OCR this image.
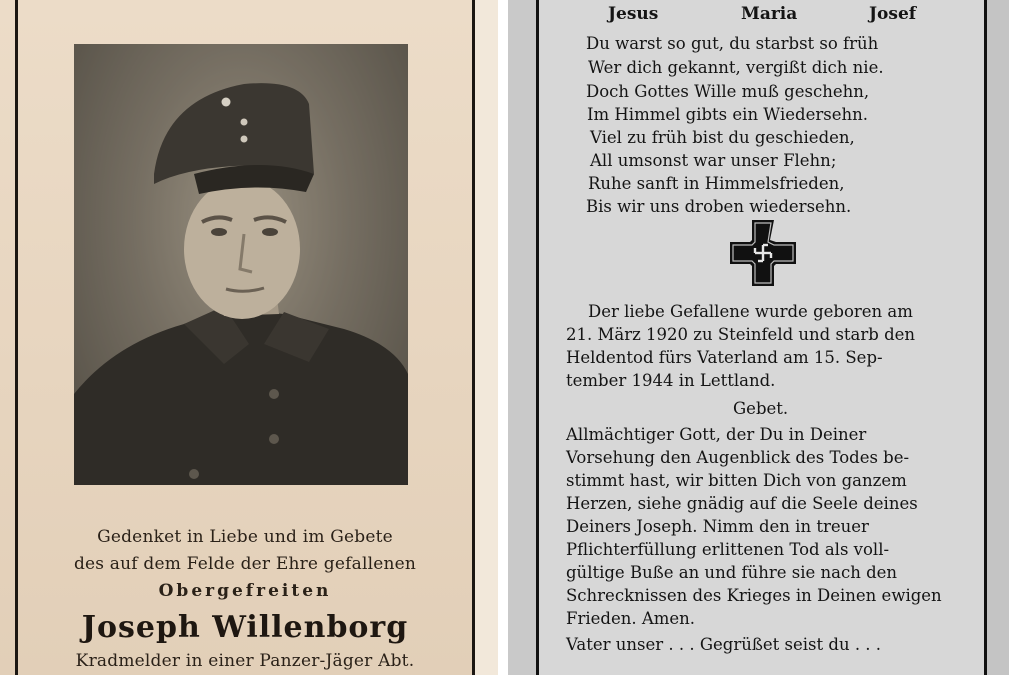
Gedenket in Liebe und im Gebete
des auf dem Felde der Ehre gefallenen
Obergefreiten
Joseph Willenborg
Kradmelder in einer Panzer-Jäger Abt.
Jesus	Maria	Josef
Du warst so gut, du starbst so früh
Wer dich gekannt, vergißt dich nie.
Doch Gottes Wille muß geschehn,
Im Himmel gibts ein Wiedersehn.
Viel zu früh bist du geschieden,
All umsonst war unser Flehn;
Ruhe sanft in Himmelsfrieden,
Bis wir uns droben wiedersehn.
Der liebe Gefallene wurde geboren am
21. März 1920 zu Steinfeld und starb den
Heldentod fürs Vaterland am 15. Sep-
tember 1944 in Lettland.
Gebet.
Allmächtiger Gott, der Du in Deiner
Vorsehung den Augenblick des Todes be-
stimmt hast, wir bitten Dich von ganzem
Herzen, siehe gnädig auf die Seele deines
Deiners Joseph. Nimm den in treuer
Pflichterfüllung erlittenen Tod als voll-
gültige Buße an und führe sie nach den
Schrecknissen des Krieges in Deinen ewigen
Frieden. Amen.
Vater unser . . . Gegrüßet seist du . . .
